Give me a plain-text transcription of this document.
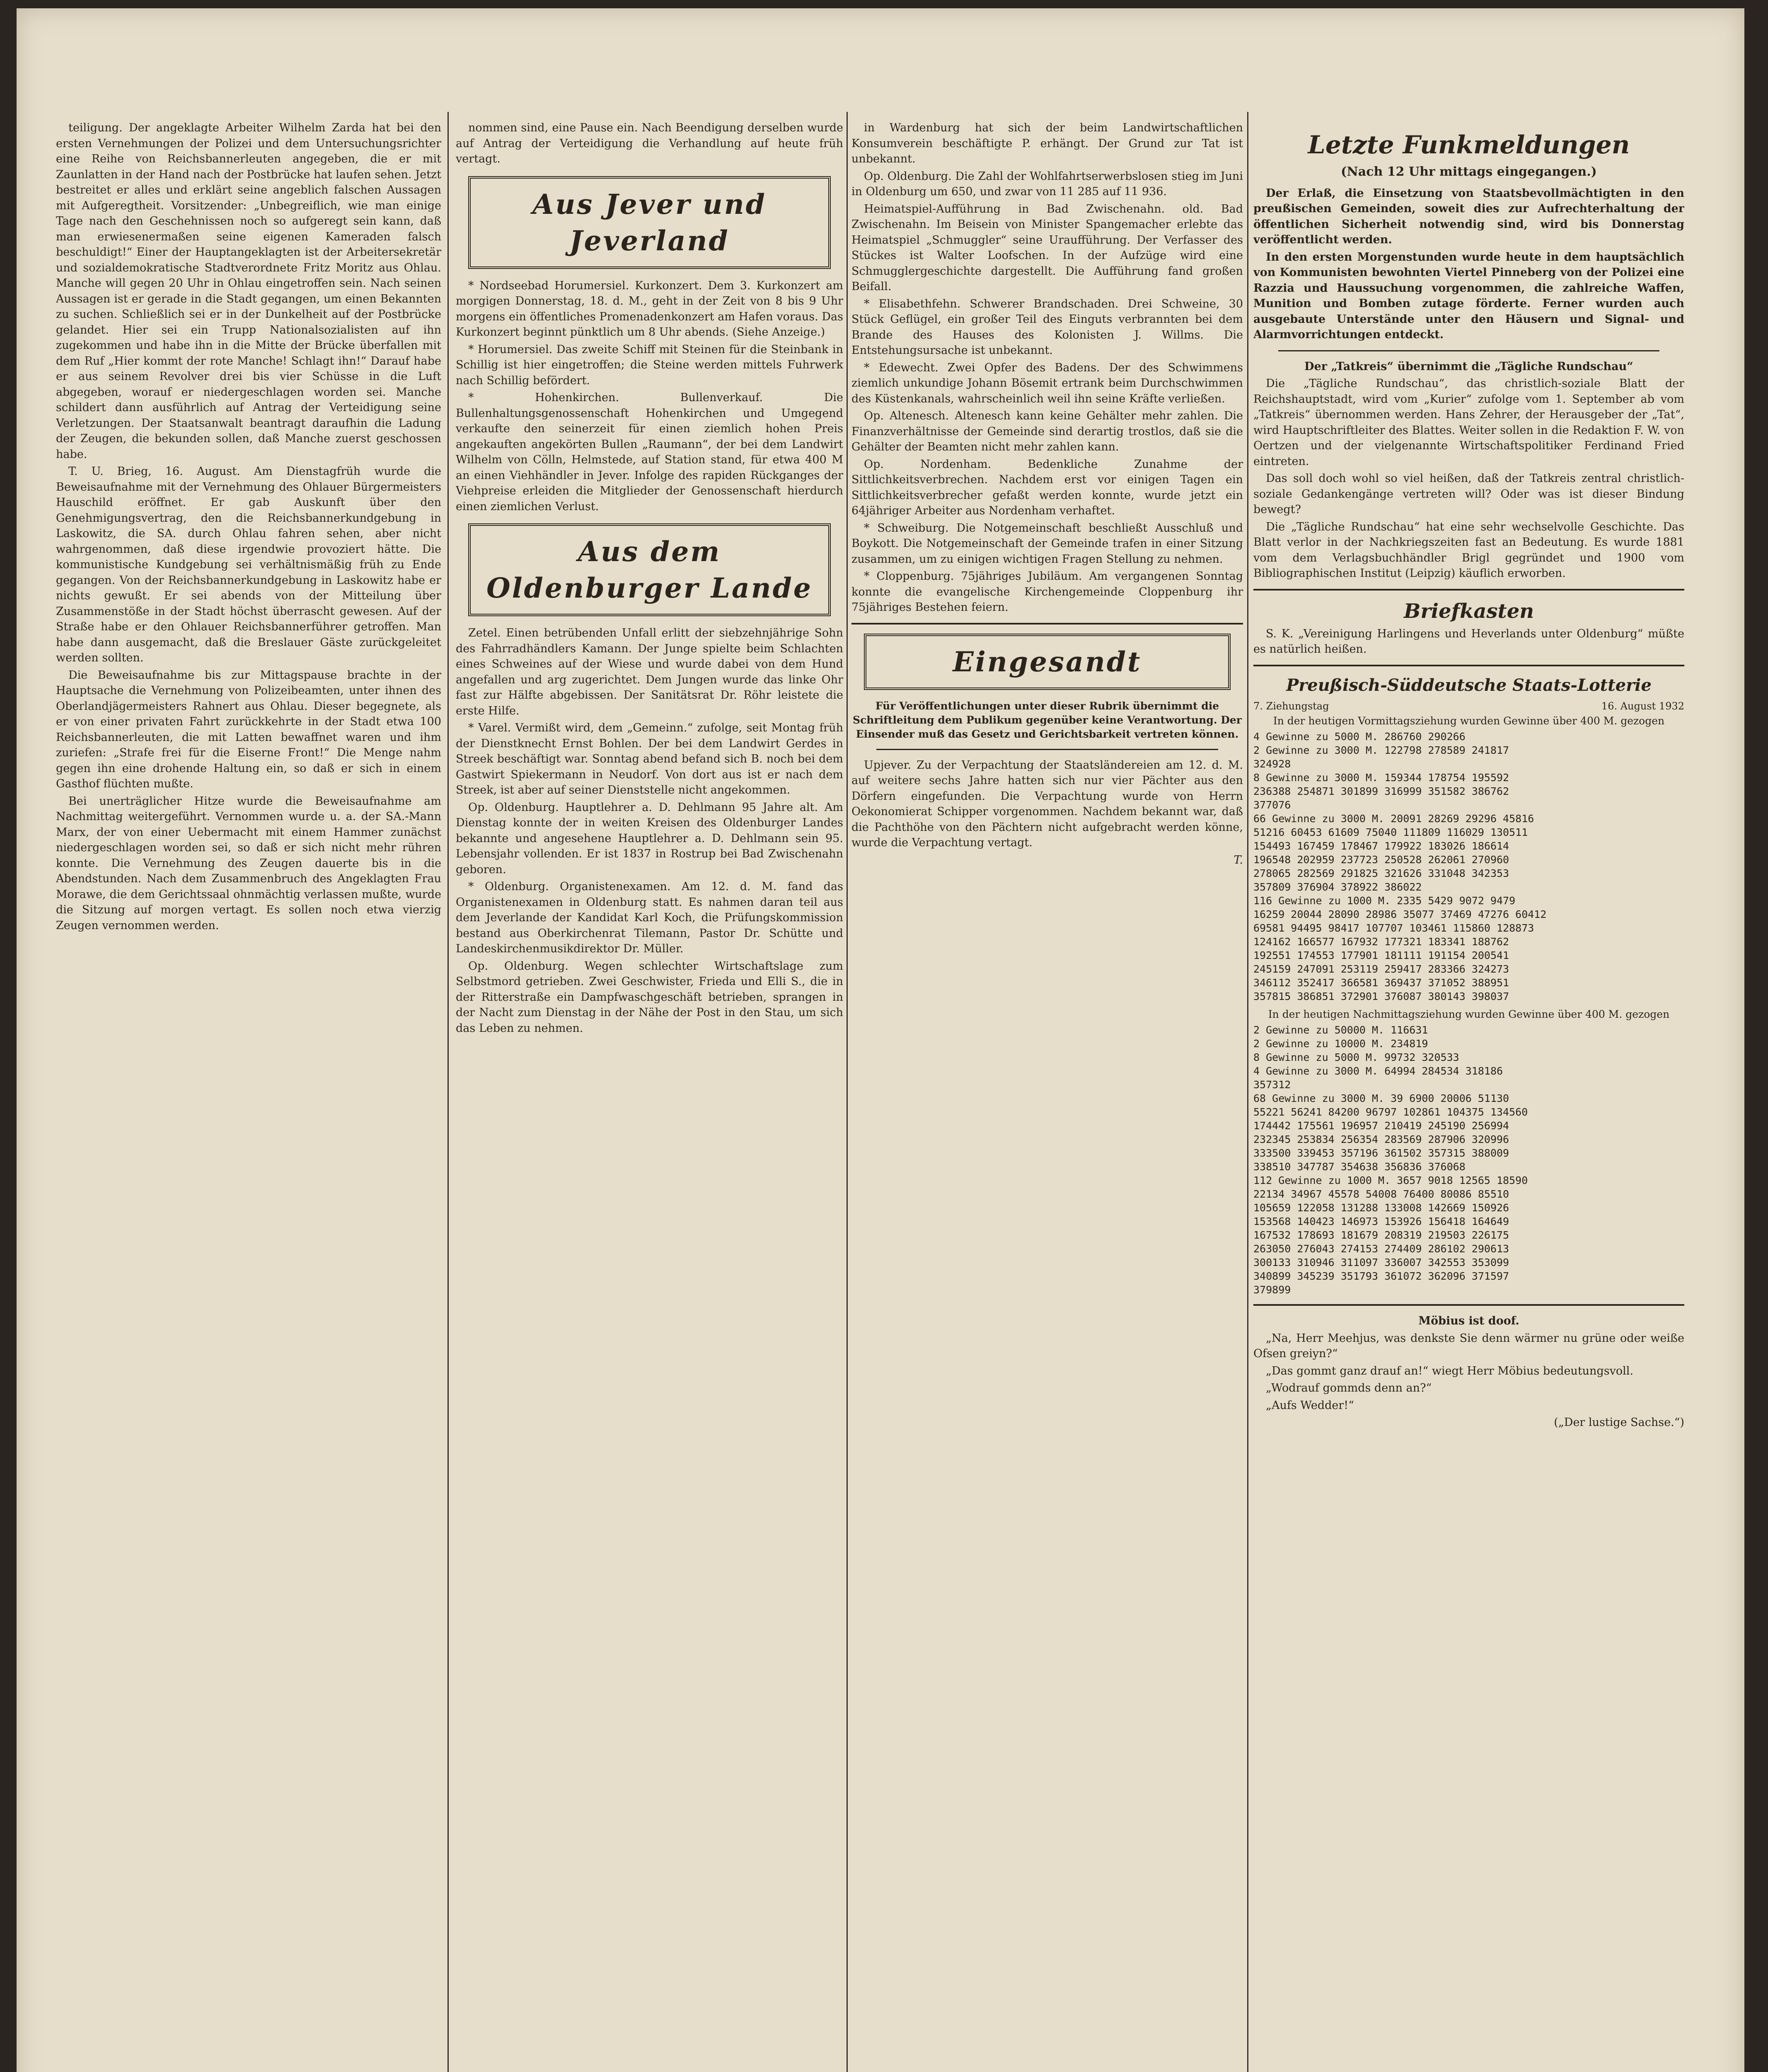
teiligung. Der angeklagte Arbeiter Wilhelm Zarda hat bei den ersten Vernehmungen der Polizei und dem Untersuchungsrichter eine Reihe von Reichsbannerleuten angegeben, die er mit Zaunlatten in der Hand nach der Postbrücke hat laufen sehen. Jetzt bestreitet er alles und erklärt seine angeblich falschen Aussagen mit Aufgeregtheit. Vorsitzender: „Unbegreiflich, wie man einige Tage nach den Geschehnissen noch so aufgeregt sein kann, daß man erwiesenermaßen seine eigenen Kameraden falsch beschuldigt!“ Einer der Hauptangeklagten ist der Arbeitersekretär und sozialdemokratische Stadtverordnete Fritz Moritz aus Ohlau. Manche will gegen 20 Uhr in Ohlau eingetroffen sein. Nach seinen Aussagen ist er gerade in die Stadt gegangen, um einen Bekannten zu suchen. Schließlich sei er in der Dunkelheit auf der Postbrücke gelandet. Hier sei ein Trupp Nationalsozialisten auf ihn zugekommen und habe ihn in die Mitte der Brücke überfallen mit dem Ruf „Hier kommt der rote Manche! Schlagt ihn!“ Darauf habe er aus seinem Revolver drei bis vier Schüsse in die Luft abgegeben, worauf er niedergeschlagen worden sei. Manche schildert dann ausführlich auf Antrag der Verteidigung seine Verletzungen. Der Staatsanwalt beantragt daraufhin die Ladung der Zeugen, die bekunden sollen, daß Manche zuerst geschossen habe.

T. U. Brieg, 16. August. Am Dienstagfrüh wurde die Beweisaufnahme mit der Vernehmung des Ohlauer Bürgermeisters Hauschild eröffnet. Er gab Auskunft über den Genehmigungsvertrag, den die Reichsbannerkundgebung in Laskowitz, die SA. durch Ohlau fahren sehen, aber nicht wahrgenommen, daß diese irgendwie provoziert hätte. Die kommunistische Kundgebung sei verhältnismäßig früh zu Ende gegangen. Von der Reichsbannerkundgebung in Laskowitz habe er nichts gewußt. Er sei abends von der Mitteilung über Zusammenstöße in der Stadt höchst überrascht gewesen. Auf der Straße habe er den Ohlauer Reichsbannerführer getroffen. Man habe dann ausgemacht, daß die Breslauer Gäste zurückgeleitet werden sollten.

Die Beweisaufnahme bis zur Mittagspause brachte in der Hauptsache die Vernehmung von Polizeibeamten, unter ihnen des Oberlandjägermeisters Rahnert aus Ohlau. Dieser begegnete, als er von einer privaten Fahrt zurückkehrte in der Stadt etwa 100 Reichsbannerleuten, die mit Latten bewaffnet waren und ihm zuriefen: „Strafe frei für die Eiserne Front!“ Die Menge nahm gegen ihn eine drohende Haltung ein, so daß er sich in einem Gasthof flüchten mußte.

Bei unerträglicher Hitze wurde die Beweisaufnahme am Nachmittag weitergeführt. Vernommen wurde u. a. der SA.-Mann Marx, der von einer Uebermacht mit einem Hammer zunächst niedergeschlagen worden sei, so daß er sich nicht mehr rühren konnte. Die Vernehmung des Zeugen dauerte bis in die Abendstunden. Nach dem Zusammenbruch des Angeklagten Frau Morawe, die dem Gerichtssaal ohnmächtig verlassen mußte, wurde die Sitzung auf morgen vertagt. Es sollen noch etwa vierzig Zeugen vernommen werden.

nommen sind, eine Pause ein. Nach Beendigung derselben wurde auf Antrag der Verteidigung die Verhandlung auf heute früh vertagt.

Aus Jever und Jeverland

* Nordseebad Horumersiel. Kurkonzert. Dem 3. Kurkonzert am morgigen Donnerstag, 18. d. M., geht in der Zeit von 8 bis 9 Uhr morgens ein öffentliches Promenadenkonzert am Hafen voraus. Das Kurkonzert beginnt pünktlich um 8 Uhr abends. (Siehe Anzeige.)

* Horumersiel. Das zweite Schiff mit Steinen für die Steinbank in Schillig ist hier eingetroffen; die Steine werden mittels Fuhrwerk nach Schillig befördert.

* Hohenkirchen. Bullenverkauf. Die Bullenhaltungsgenossenschaft Hohenkirchen und Umgegend verkaufte den seinerzeit für einen ziemlich hohen Preis angekauften angekörten Bullen „Raumann“, der bei dem Landwirt Wilhelm von Cölln, Helmstede, auf Station stand, für etwa 400 M an einen Viehhändler in Jever. Infolge des rapiden Rückganges der Viehpreise erleiden die Mitglieder der Genossenschaft hierdurch einen ziemlichen Verlust.

Aus dem Oldenburger Lande

Zetel. Einen betrübenden Unfall erlitt der siebzehnjährige Sohn des Fahrradhändlers Kamann. Der Junge spielte beim Schlachten eines Schweines auf der Wiese und wurde dabei von dem Hund angefallen und arg zugerichtet. Dem Jungen wurde das linke Ohr fast zur Hälfte abgebissen. Der Sanitätsrat Dr. Röhr leistete die erste Hilfe.

* Varel. Vermißt wird, dem „Gemeinn.“ zufolge, seit Montag früh der Dienstknecht Ernst Bohlen. Der bei dem Landwirt Gerdes in Streek beschäftigt war. Sonntag abend befand sich B. noch bei dem Gastwirt Spiekermann in Neudorf. Von dort aus ist er nach dem Streek, ist aber auf seiner Dienststelle nicht angekommen.

Op. Oldenburg. Hauptlehrer a. D. Dehlmann 95 Jahre alt. Am Dienstag konnte der in weiten Kreisen des Oldenburger Landes bekannte und angesehene Hauptlehrer a. D. Dehlmann sein 95. Lebensjahr vollenden. Er ist 1837 in Rostrup bei Bad Zwischenahn geboren.

* Oldenburg. Organistenexamen. Am 12. d. M. fand das Organistenexamen in Oldenburg statt. Es nahmen daran teil aus dem Jeverlande der Kandidat Karl Koch, die Prüfungskommission bestand aus Oberkirchenrat Tilemann, Pastor Dr. Schütte und Landeskirchenmusikdirektor Dr. Müller.

Op. Oldenburg. Wegen schlechter Wirtschaftslage zum Selbstmord getrieben. Zwei Geschwister, Frieda und Elli S., die in der Ritterstraße ein Dampfwaschgeschäft betrieben, sprangen in der Nacht zum Dienstag in der Nähe der Post in den Stau, um sich das Leben zu nehmen.

in Wardenburg hat sich der beim Landwirtschaftlichen Konsumverein beschäftigte P. erhängt. Der Grund zur Tat ist unbekannt.

Op. Oldenburg. Die Zahl der Wohlfahrtserwerbslosen stieg im Juni in Oldenburg um 650, und zwar von 11 285 auf 11 936.

Heimatspiel-Aufführung in Bad Zwischenahn. old. Bad Zwischenahn. Im Beisein von Minister Spangemacher erlebte das Heimatspiel „Schmuggler“ seine Uraufführung. Der Verfasser des Stückes ist Walter Loofschen. In der Aufzüge wird eine Schmugglergeschichte dargestellt. Die Aufführung fand großen Beifall.

* Elisabethfehn. Schwerer Brandschaden. Drei Schweine, 30 Stück Geflügel, ein großer Teil des Einguts verbrannten bei dem Brande des Hauses des Kolonisten J. Willms. Die Entstehungsursache ist unbekannt.

* Edewecht. Zwei Opfer des Badens. Der des Schwimmens ziemlich unkundige Johann Bösemit ertrank beim Durchschwimmen des Küstenkanals, wahrscheinlich weil ihn seine Kräfte verließen.

Op. Altenesch. Altenesch kann keine Gehälter mehr zahlen. Die Finanzverhältnisse der Gemeinde sind derartig trostlos, daß sie die Gehälter der Beamten nicht mehr zahlen kann.

Op. Nordenham. Bedenkliche Zunahme der Sittlichkeitsverbrechen. Nachdem erst vor einigen Tagen ein Sittlichkeitsverbrecher gefaßt werden konnte, wurde jetzt ein 64jähriger Arbeiter aus Nordenham verhaftet.

* Schweiburg. Die Notgemeinschaft beschließt Ausschluß und Boykott. Die Notgemeinschaft der Gemeinde trafen in einer Sitzung zusammen, um zu einigen wichtigen Fragen Stellung zu nehmen.

* Cloppenburg. 75jähriges Jubiläum. Am vergangenen Sonntag konnte die evangelische Kirchengemeinde Cloppenburg ihr 75jähriges Bestehen feiern.

Eingesandt

Für Veröffentlichungen unter dieser Rubrik übernimmt die Schriftleitung dem Publikum gegenüber keine Verantwortung. Der Einsender muß das Gesetz und Gerichtsbarkeit vertreten können.

Upjever. Zu der Verpachtung der Staatsländereien am 12. d. M. auf weitere sechs Jahre hatten sich nur vier Pächter aus den Dörfern eingefunden. Die Verpachtung wurde von Herrn Oekonomierat Schipper vorgenommen. Nachdem bekannt war, daß die Pachthöhe von den Pächtern nicht aufgebracht werden könne, wurde die Verpachtung vertagt.

T.

Letzte Funkmeldungen
(Nach 12 Uhr mittags eingegangen.)

Der Erlaß, die Einsetzung von Staatsbevollmächtigten in den preußischen Gemeinden, soweit dies zur Aufrechterhaltung der öffentlichen Sicherheit notwendig sind, wird bis Donnerstag veröffentlicht werden.

In den ersten Morgenstunden wurde heute in dem hauptsächlich von Kommunisten bewohnten Viertel Pinneberg von der Polizei eine Razzia und Haussuchung vorgenommen, die zahlreiche Waffen, Munition und Bomben zutage förderte. Ferner wurden auch ausgebaute Unterstände unter den Häusern und Signal- und Alarmvorrichtungen entdeckt.

Der „Tatkreis“ übernimmt die „Tägliche Rundschau“

Die „Tägliche Rundschau“, das christlich-soziale Blatt der Reichshauptstadt, wird vom „Kurier“ zufolge vom 1. September ab vom „Tatkreis“ übernommen werden. Hans Zehrer, der Herausgeber der „Tat“, wird Hauptschriftleiter des Blattes. Weiter sollen in die Redaktion F. W. von Oertzen und der vielgenannte Wirtschaftspolitiker Ferdinand Fried eintreten.

Das soll doch wohl so viel heißen, daß der Tatkreis zentral christlich-soziale Gedankengänge vertreten will? Oder was ist dieser Bindung bewegt?

Die „Tägliche Rundschau“ hat eine sehr wechselvolle Geschichte. Das Blatt verlor in der Nachkriegszeiten fast an Bedeutung. Es wurde 1881 vom dem Verlagsbuchhändler Brigl gegründet und 1900 vom Bibliographischen Institut (Leipzig) käuflich erworben.

Briefkasten

S. K. „Vereinigung Harlingens und Heverlands unter Oldenburg“ müßte es natürlich heißen.

Preußisch-Süddeutsche Staats-Lotterie
7. Ziehungstag	16. August 1932

In der heutigen Vormittagsziehung wurden Gewinne über 400 M. gezogen

4 Gewinne zu 5000 M. 286760 290266
2 Gewinne zu 3000 M. 122798 278589 241817
324928
8 Gewinne zu 3000 M. 159344 178754 195592
236388 254871 301899 316999 351582 386762
377076
66 Gewinne zu 3000 M. 20091 28269 29296 45816
51216 60453 61609 75040 111809 116029 130511
154493 167459 178467 179922 183026 186614
196548 202959 237723 250528 262061 270960
278065 282569 291825 321626 331048 342353
357809 376904 378922 386022
116 Gewinne zu 1000 M. 2335 5429 9072 9479
16259 20044 28090 28986 35077 37469 47276 60412
69581 94495 98417 107707 103461 115860 128873
124162 166577 167932 177321 183341 188762
192551 174553 177901 181111 191154 200541
245159 247091 253119 259417 283366 324273
346112 352417 366581 369437 371052 388951
357815 386851 372901 376087 380143 398037

In der heutigen Nachmittagsziehung wurden Gewinne über 400 M. gezogen

2 Gewinne zu 50000 M. 116631
2 Gewinne zu 10000 M. 234819
8 Gewinne zu 5000 M. 99732 320533
4 Gewinne zu 3000 M. 64994 284534 318186
357312
68 Gewinne zu 3000 M. 39 6900 20006 51130
55221 56241 84200 96797 102861 104375 134560
174442 175561 196957 210419 245190 256994
232345 253834 256354 283569 287906 320996
333500 339453 357196 361502 357315 388009
338510 347787 354638 356836 376068
112 Gewinne zu 1000 M. 3657 9018 12565 18590
22134 34967 45578 54008 76400 80086 85510
105659 122058 131288 133008 142669 150926
153568 140423 146973 153926 156418 164649
167532 178693 181679 208319 219503 226175
263050 276043 274153 274409 286102 290613
300133 310946 311097 336007 342553 353099
340899 345239 351793 361072 362096 371597
379899

Möbius ist doof.

„Na, Herr Meehjus, was denkste Sie denn wärmer nu grüne oder weiße Ofsen greiyn?“

„Das gommt ganz drauf an!“ wiegt Herr Möbius bedeutungsvoll.

„Wodrauf gommds denn an?“

„Aufs Wedder!“

(„Der lustige Sachse.“)
